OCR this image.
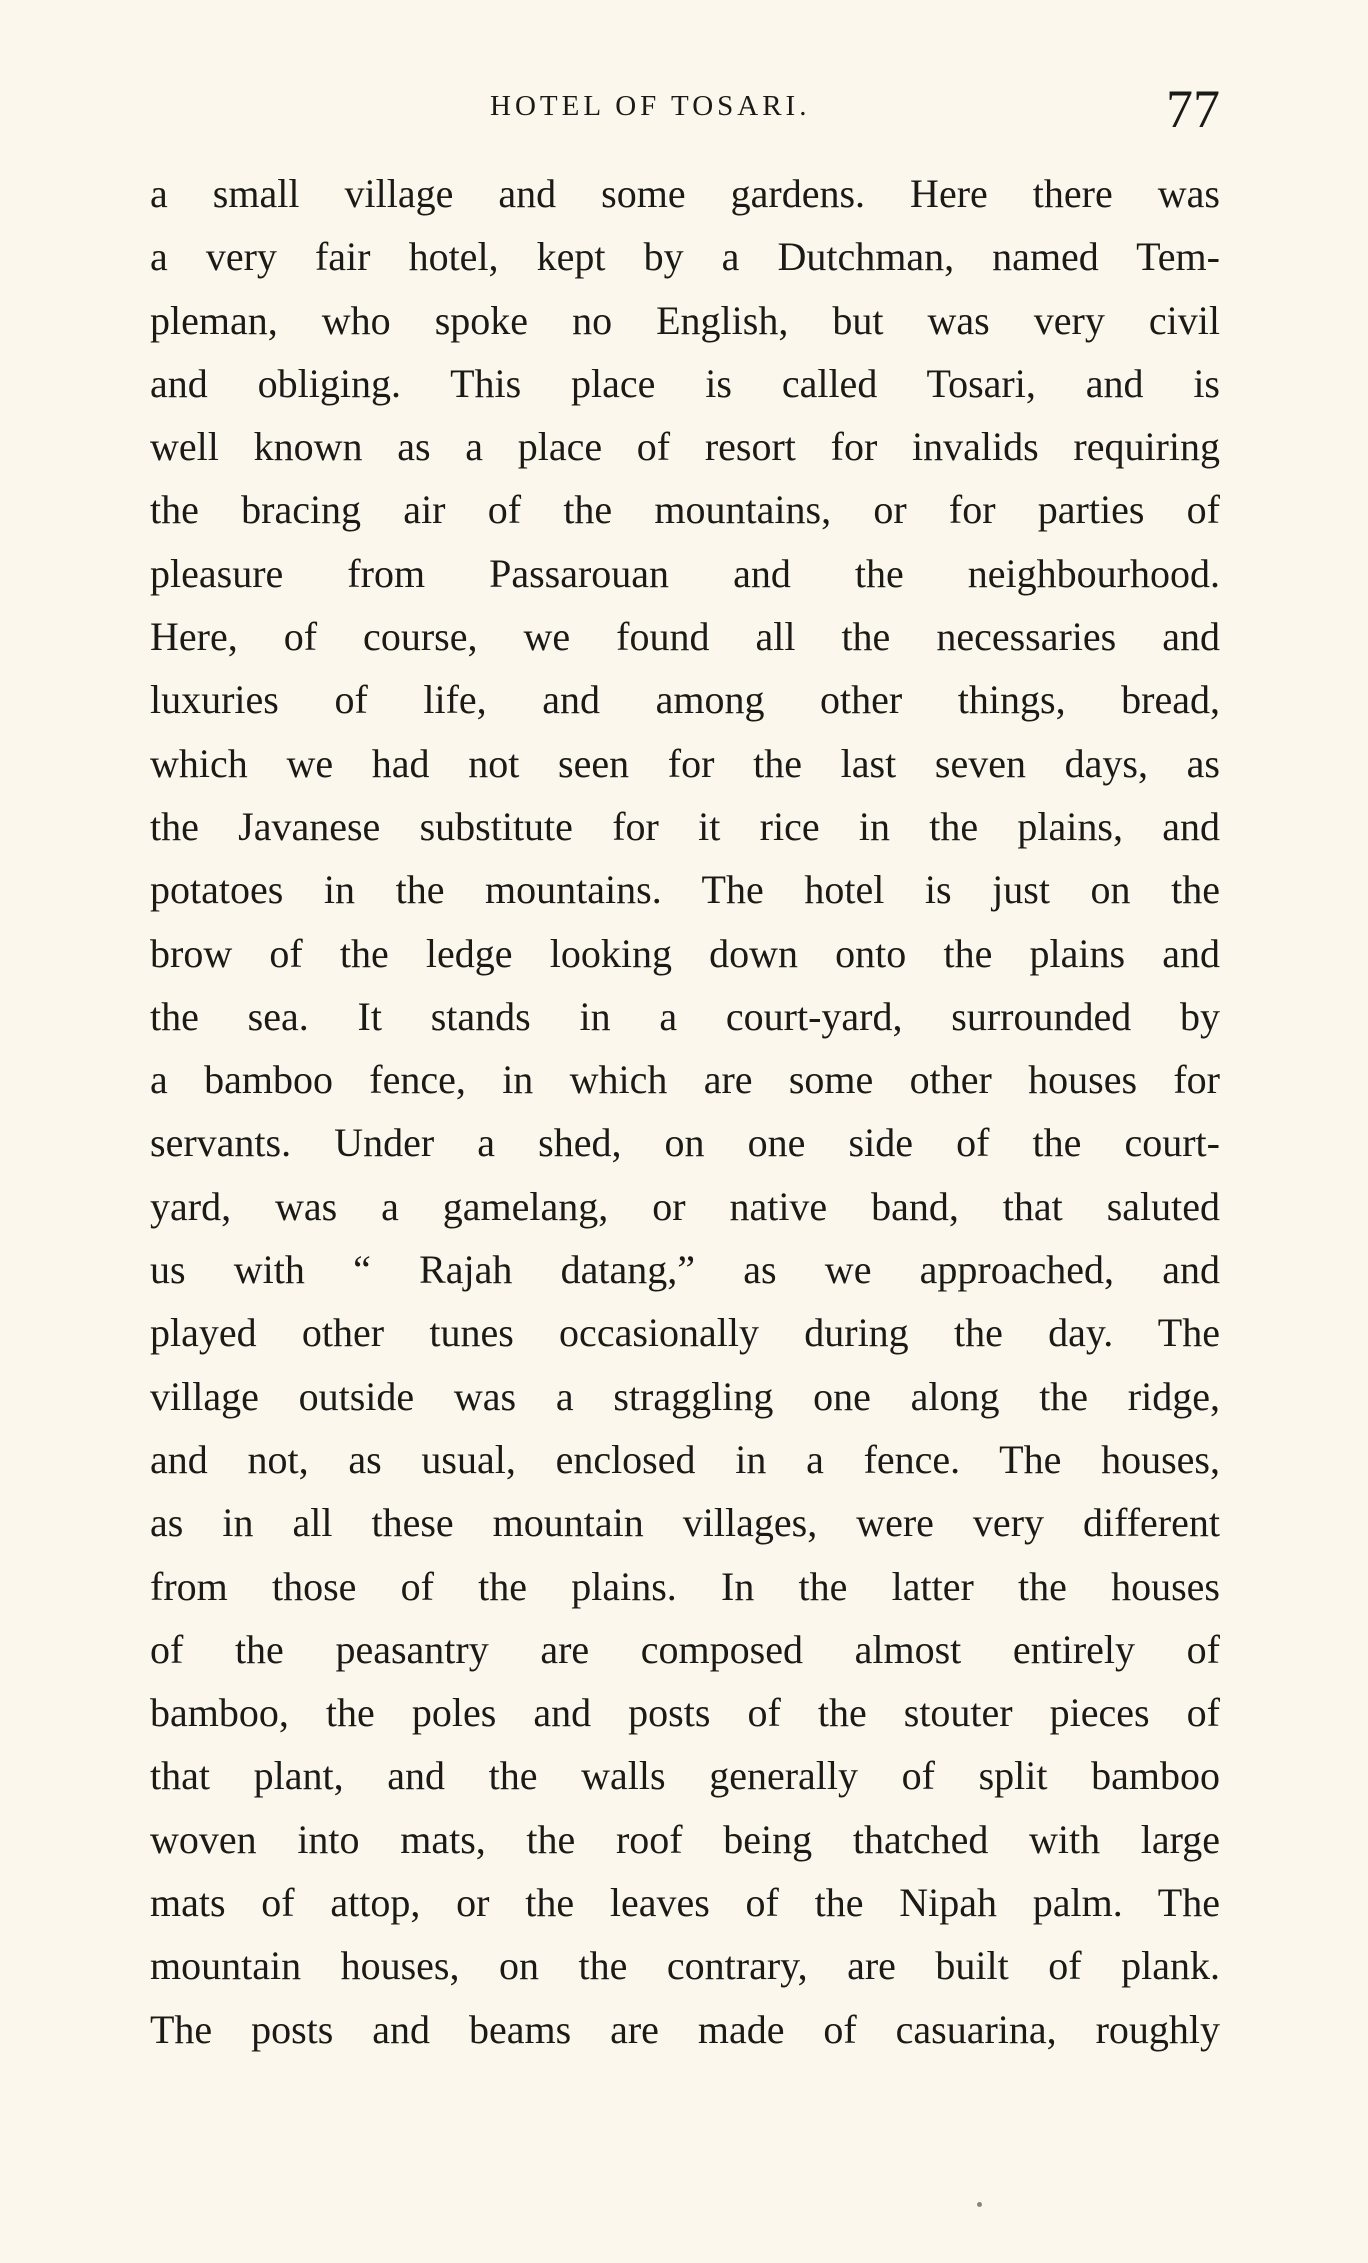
HOTEL OF TOSARI.	77
a small village and some gardens. Here there was
a very fair hotel, kept by a Dutchman, named Tem-
pleman, who spoke no English, but was very civil
and obliging. This place is called Tosari, and is
well known as a place of resort for invalids requiring
the bracing air of the mountains, or for parties of
pleasure from Passarouan and the neighbourhood.
Here, of course, we found all the necessaries and
luxuries of life, and among other things, bread,
which we had not seen for the last seven days, as
the Javanese substitute for it rice in the plains, and
potatoes in the mountains. The hotel is just on the
brow of the ledge looking down onto the plains and
the sea. It stands in a court-yard, surrounded by
a bamboo fence, in which are some other houses for
servants. Under a shed, on one side of the court-
yard, was a gamelang, or native band, that saluted
us with “ Rajah datang,” as we approached, and
played other tunes occasionally during the day. The
village outside was a straggling one along the ridge,
and not, as usual, enclosed in a fence. The houses,
as in all these mountain villages, were very different
from those of the plains. In the latter the houses
of the peasantry are composed almost entirely of
bamboo, the poles and posts of the stouter pieces of
that plant, and the walls generally of split bamboo
woven into mats, the roof being thatched with large
mats of attop, or the leaves of the Nipah palm. The
mountain houses, on the contrary, are built of plank.
The posts and beams are made of casuarina, roughly
